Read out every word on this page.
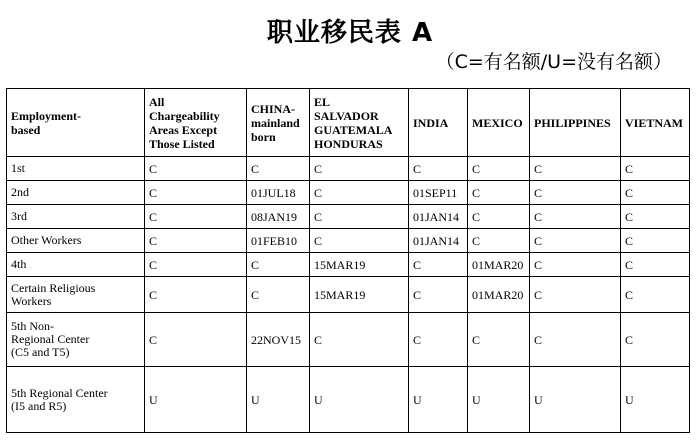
职业移民表 A
（C=有名额/U=没有名额）
Employment-
based	All
Chargeability
Areas Except
Those Listed	CHINA-
mainland
born	EL
SALVADOR
GUATEMALA
HONDURAS	INDIA	MEXICO	PHILIPPINES	VIETNAM
1st	C	C	C	C	C	C	C
2nd	C	01JUL18	C	01SEP11	C	C	C
3rd	C	08JAN19	C	01JAN14	C	C	C
Other Workers	C	01FEB10	C	01JAN14	C	C	C
4th	C	C	15MAR19	C	01MAR20	C	C
Certain Religious
Workers	C	C	15MAR19	C	01MAR20	C	C
5th Non-
Regional Center
(C5 and T5)	C	22NOV15	C	C	C	C	C
5th Regional Center
(I5 and R5)	U	U	U	U	U	U	U
